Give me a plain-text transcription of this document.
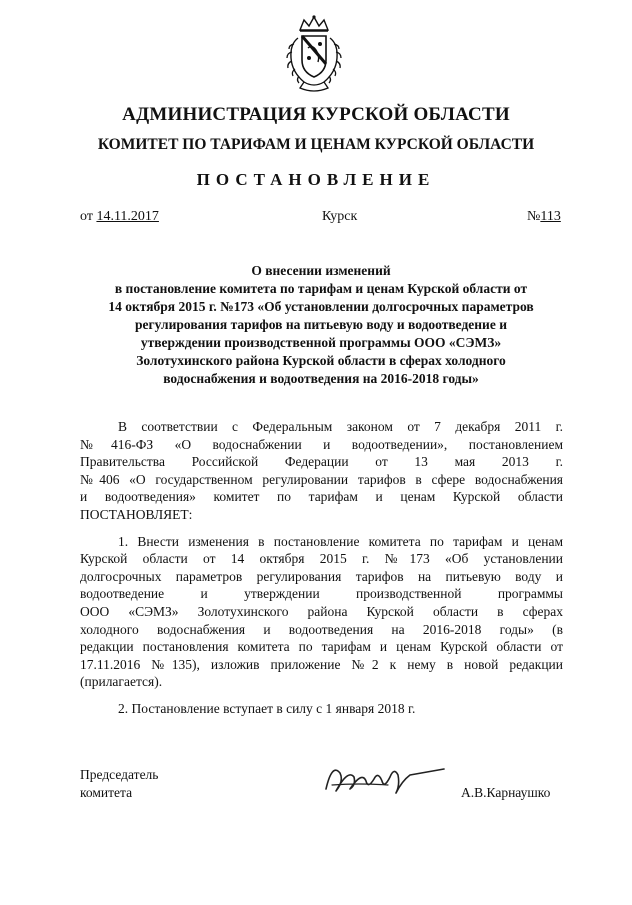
АДМИНИСТРАЦИЯ КУРСКОЙ ОБЛАСТИ
КОМИТЕТ ПО ТАРИФАМ И ЦЕНАМ КУРСКОЙ ОБЛАСТИ
ПОСТАНОВЛЕНИЕ
от 14.11.2017	Курск	№113
О внесении изменений
в постановление комитета по тарифам и ценам Курской области от
14 октября 2015 г. №173 «Об установлении долгосрочных параметров
регулирования тарифов на питьевую воду и водоотведение и
утверждении производственной программы ООО «СЭМЗ»
Золотухинского района Курской области в сферах холодного
водоснабжения и водоотведения на 2016-2018 годы»
В соответствии с Федеральным законом от 7 декабря 2011 г.
№416-ФЗ «О водоснабжении и водоотведении», постановлением
Правительства Российской Федерации от 13 мая 2013 г.
№406 «О государственном регулировании тарифов в сфере водоснабжения
и водоотведения» комитет по тарифам и ценам Курской области
ПОСТАНОВЛЯЕТ:
1. Внести изменения в постановление комитета по тарифам и ценам
Курской области от 14 октября 2015 г. №173 «Об установлении
долгосрочных параметров регулирования тарифов на питьевую воду и
водоотведение и утверждении производственной программы
ООО «СЭМЗ» Золотухинского района Курской области в сферах
холодного водоснабжения и водоотведения на 2016-2018 годы» (в
редакции постановления комитета по тарифам и ценам Курской области от
17.11.2016 №135), изложив приложение №2 к нему в новой редакции
(прилагается).
2. Постановление вступает в силу с 1 января 2018 г.
Председатель
комитета	А.В.Карнаушко
